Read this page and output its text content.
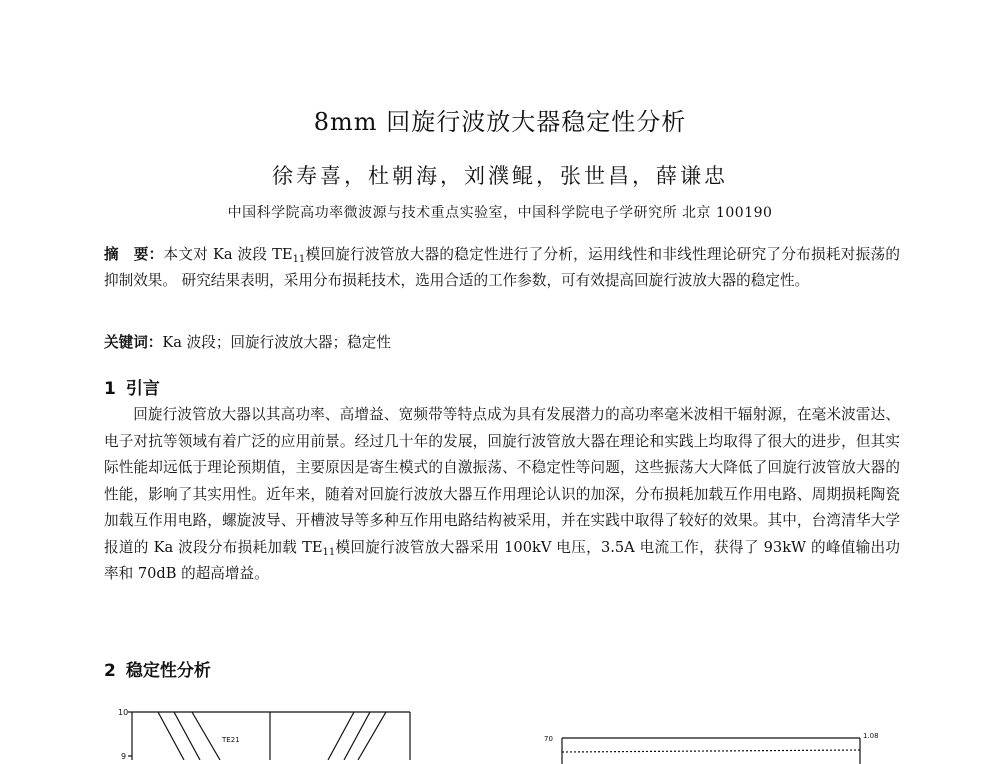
8mm 回旋行波放大器稳定性分析
徐寿喜，杜朝海，刘濮鲲，张世昌，薛谦忠
中国科学院高功率微波源与技术重点实验室，中国科学院电子学研究所 北京 100190
摘　要：本文对 Ka 波段 $TE_{11}$模回旋行波管放大器的稳定性进行了分析，运用线性和非线性理论研究了分布损耗对振荡的抑制效果。 研究结果表明，采用分布损耗技术，选用合适的工作参数，可有效提高回旋行波放大器的稳定性。
关键词：Ka 波段；回旋行波放大器；稳定性
1 引言
回旋行波管放大器以其高功率、高增益、宽频带等特点成为具有发展潜力的高功率毫米波相干辐射源，在毫米波雷达、电子对抗等领域有着广泛的应用前景。经过几十年的发展，回旋行波管放大器在理论和实践上均取得了很大的进步，但其实际性能却远低于理论预期值，主要原因是寄生模式的自激振荡、不稳定性等问题，这些振荡大大降低了回旋行波管放大器的性能，影响了其实用性。近年来，随着对回旋行波放大器互作用理论认识的加深，分布损耗加载互作用电路、周期损耗陶瓷加载互作用电路，螺旋波导、开槽波导等多种互作用电路结构被采用，并在实践中取得了较好的效果。其中，台湾清华大学报道的 Ka 波段分布损耗加载 $TE_{11}$模回旋行波管放大器采用 100kV 电压，3.5A 电流工作，获得了 93kW 的峰值输出功率和 70dB 的超高增益。
2 稳定性分析
10
9
TE21	70	1.08
